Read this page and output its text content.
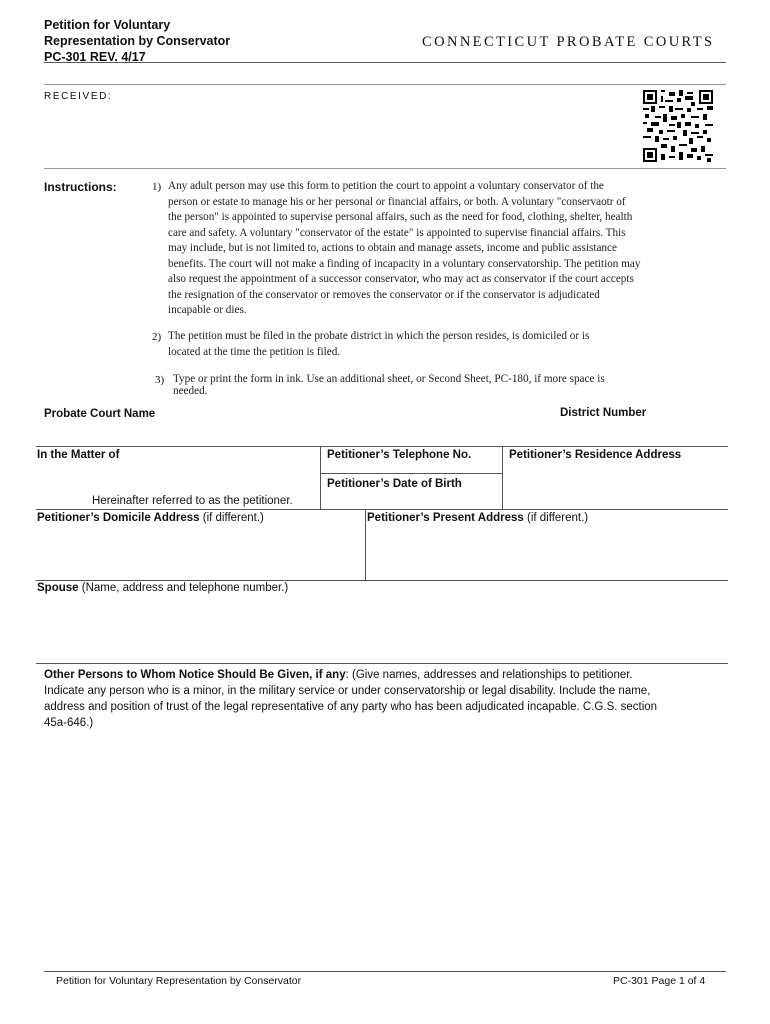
Petition for Voluntary
Representation by Conservator
PC-301 REV. 4/17
CONNECTICUT PROBATE COURTS
RECEIVED:
Instructions:	1) Any adult person may use this form to petition the court to appoint a voluntary conservator of the
person or estate to manage his or her personal or financial affairs, or both. A voluntary "conservaotr of
the person" is appointed to supervise personal affairs, such as the need for food, clothing, shelter, health
care and safety. A voluntary "conservator of the estate" is appointed to supervise financial affairs. This
may include, but is not limited to, actions to obtain and manage assets, income and public assistance
benefits. The court will not make a finding of incapacity in a voluntary conservatorship. The petition may
also request the appointment of a successor conservator, who may act as conservator if the court accepts
the resignation of the conservator or removes the conservator or if the conservator is adjudicated
incapable or dies.
2) The petition must be filed in the probate district in which the person resides, is domiciled or is
located at the time the petition is filed.
3) Type or print the form in ink. Use an additional sheet, or Second Sheet, PC-180, if more space is
needed.
Probate Court Name	District Number
In the Matter of	Petitioner’s Telephone No.	Petitioner’s Residence Address
Petitioner’s Date of Birth
Hereinafter referred to as the petitioner.
Petitioner’s Domicile Address (if different.)	Petitioner’s Present Address (if different.)
Spouse (Name, address and telephone number.)
Other Persons to Whom Notice Should Be Given, if any: (Give names, addresses and relationships to petitioner.
Indicate any person who is a minor, in the military service or under conservatorship or legal disability. Include the name,
address and position of trust of the legal representative of any party who has been adjudicated incapable. C.G.S. section
45a-646.)
Petition for Voluntary Representation by Conservator	PC-301 Page 1 of 4
